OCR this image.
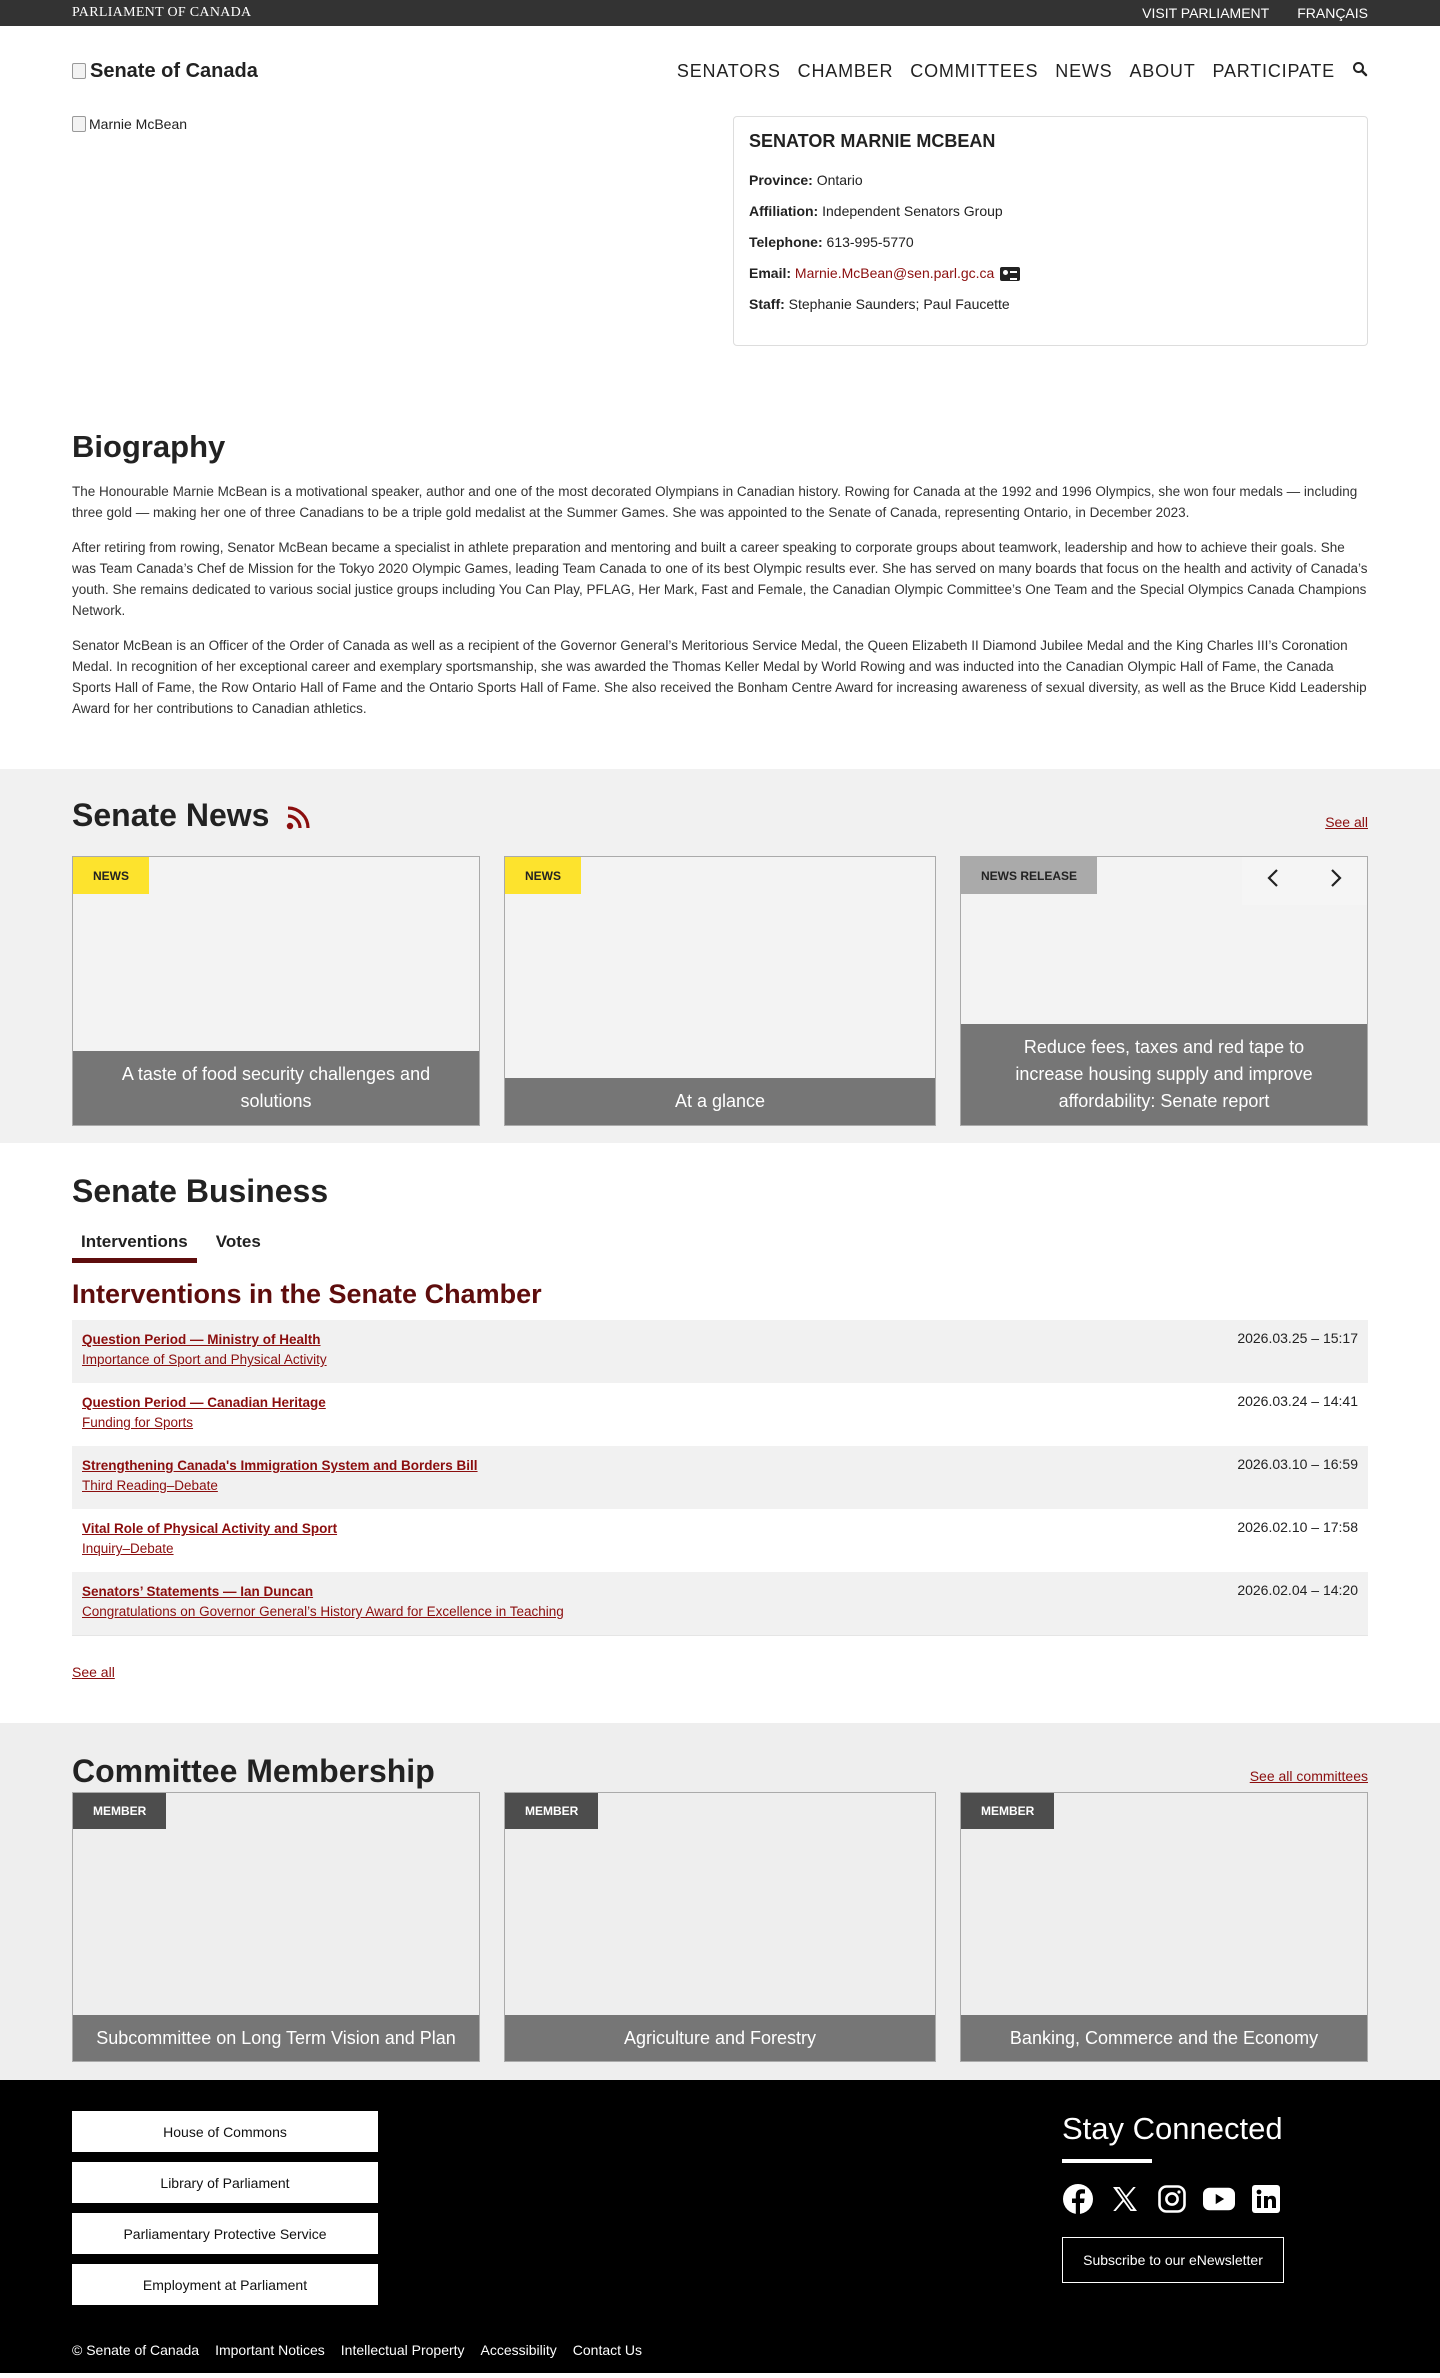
PARLIAMENT OF CANADA	VISIT PARLIAMENT FRANÇAIS
Senate of Canada	SENATORS CHAMBER COMMITTEES NEWS ABOUT PARTICIPATE
Marnie McBean
SENATOR MARNIE MCBEAN
Province: Ontario
Affiliation: Independent Senators Group
Telephone: 613-995-5770
Email: Marnie.McBean@sen.parl.gc.ca
Staff: Stephanie Saunders; Paul Faucette
Biography

The Honourable Marnie McBean is a motivational speaker, author and one of the most decorated Olympians in Canadian history. Rowing for Canada at the 1992 and 1996 Olympics, she won four medals — including three gold — making her one of three Canadians to be a triple gold medalist at the Summer Games. She was appointed to the Senate of Canada, representing Ontario, in December 2023.

After retiring from rowing, Senator McBean became a specialist in athlete preparation and mentoring and built a career speaking to corporate groups about teamwork, leadership and how to achieve their goals. She was Team Canada’s Chef de Mission for the Tokyo 2020 Olympic Games, leading Team Canada to one of its best Olympic results ever. She has served on many boards that focus on the health and activity of Canada’s youth. She remains dedicated to various social justice groups including You Can Play, PFLAG, Her Mark, Fast and Female, the Canadian Olympic Committee’s One Team and the Special Olympics Canada Champions Network.

Senator McBean is an Officer of the Order of Canada as well as a recipient of the Governor General’s Meritorious Service Medal, the Queen Elizabeth II Diamond Jubilee Medal and the King Charles III’s Coronation Medal. In recognition of her exceptional career and exemplary sportsmanship, she was awarded the Thomas Keller Medal by World Rowing and was inducted into the Canadian Olympic Hall of Fame, the Canada Sports Hall of Fame, the Row Ontario Hall of Fame and the Ontario Sports Hall of Fame. She also received the Bonham Centre Award for increasing awareness of sexual diversity, as well as the Bruce Kidd Leadership Award for her contributions to Canadian athletics.

Senate News	See all
NEWS
A taste of food security challenges and solutions
NEWS
At a glance
NEWS RELEASE
Reduce fees, taxes and red tape to increase housing supply and improve affordability: Senate report
Senate Business
Interventions	Votes
Interventions in the Senate Chamber
Question Period — Ministry of Health
Importance of Sport and Physical Activity
2026.03.25 – 15:17
Question Period — Canadian Heritage
Funding for Sports
2026.03.24 – 14:41
Strengthening Canada's Immigration System and Borders Bill
Third Reading–Debate
2026.03.10 – 16:59
Vital Role of Physical Activity and Sport
Inquiry–Debate
2026.02.10 – 17:58
Senators’ Statements — Ian Duncan
Congratulations on Governor General’s History Award for Excellence in Teaching
2026.02.04 – 14:20
See all
Committee Membership	See all committees
MEMBER
Subcommittee on Long Term Vision and Plan
MEMBER
Agriculture and Forestry
MEMBER
Banking, Commerce and the Economy
House of Commons
Library of Parliament
Parliamentary Protective Service
Employment at Parliament
Stay Connected
Subscribe to our eNewsletter
© Senate of Canada Important Notices Intellectual Property Accessibility Contact Us
